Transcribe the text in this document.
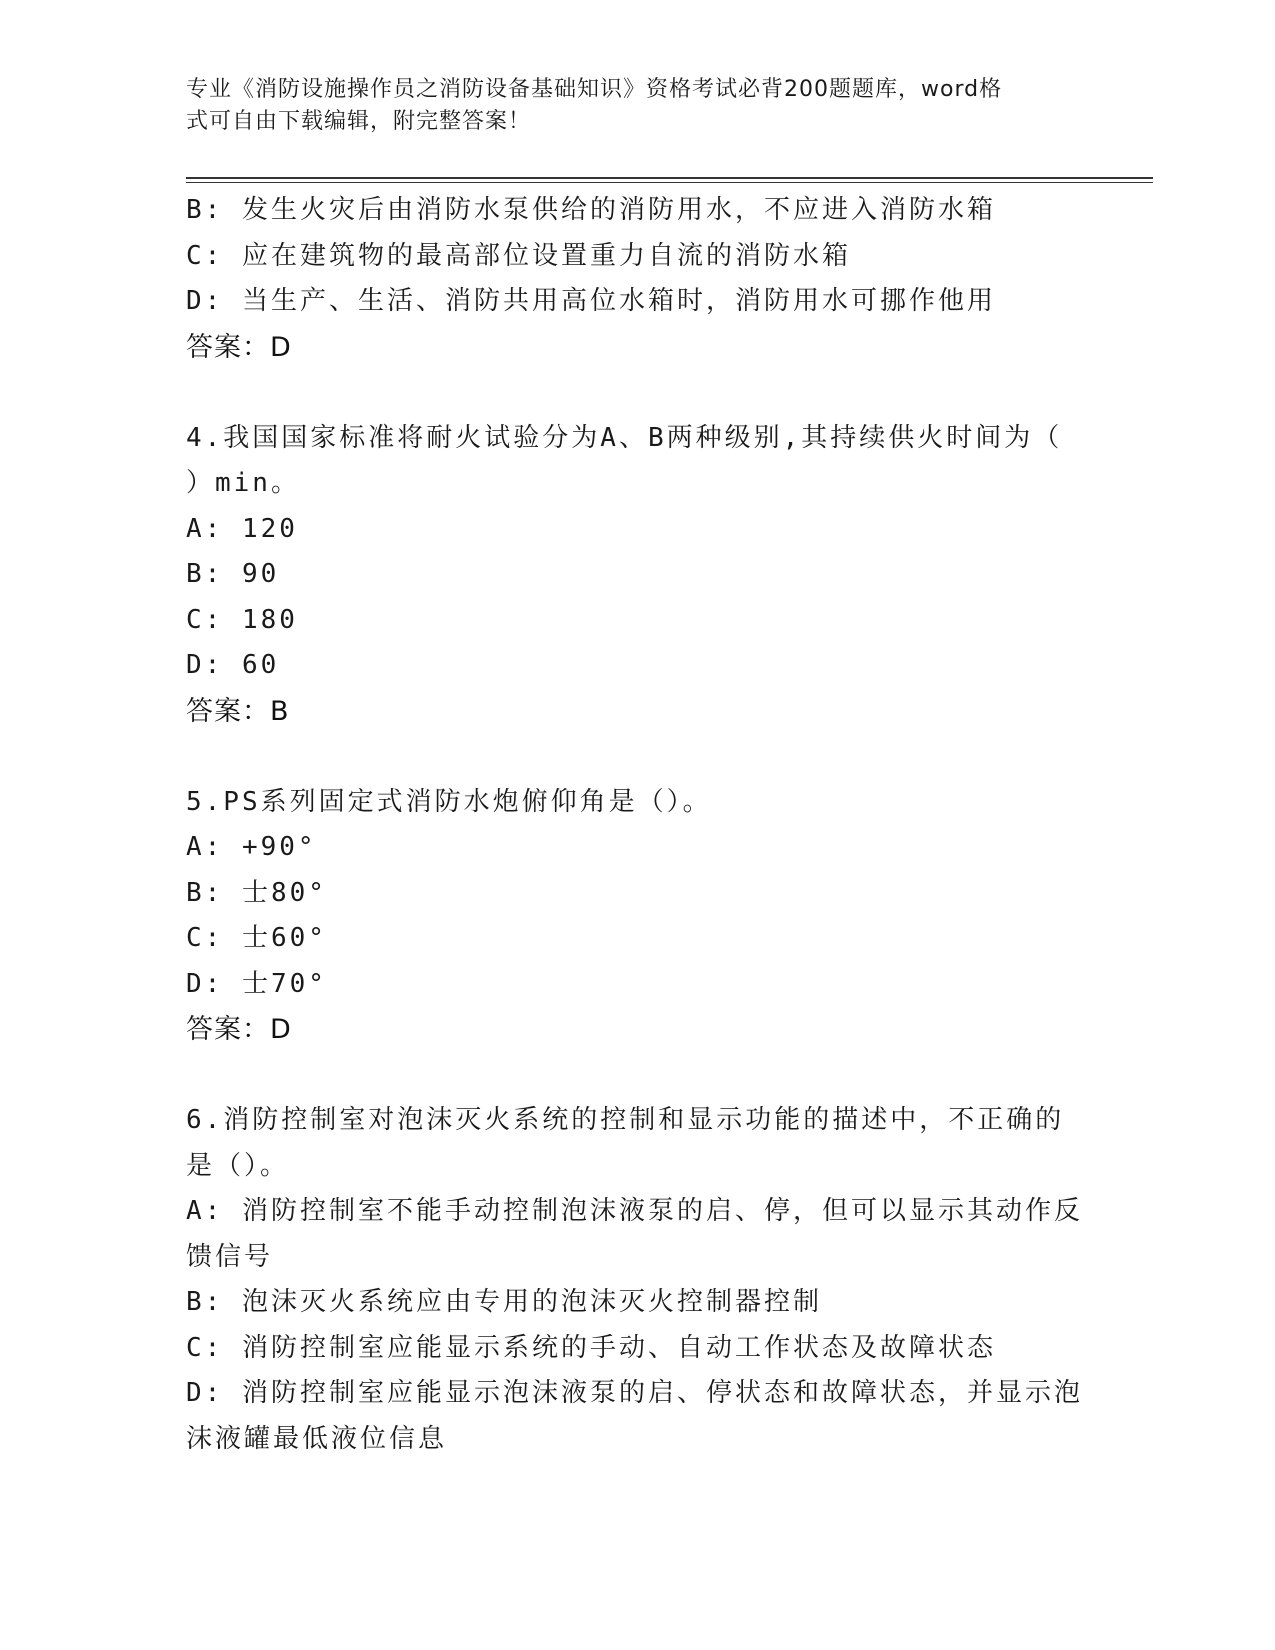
专业《消防设施操作员之消防设备基础知识》资格考试必背200题题库，word格
式可自由下载编辑，附完整答案！
B: 发生火灾后由消防水泵供给的消防用水，不应进入消防水箱
C: 应在建筑物的最高部位设置重力自流的消防水箱
D: 当生产、生活、消防共用高位水箱时，消防用水可挪作他用
答案：D
4.我国国家标准将耐火试验分为A、B两种级别,其持续供火时间为（
）min。
A: 120
B: 90
C: 180
D: 60
答案：B
5.PS系列固定式消防水炮俯仰角是（）。
A: +90°
B: 士80°
C: 士60°
D: 士70°
答案：D
6.消防控制室对泡沫灭火系统的控制和显示功能的描述中，不正确的
是（）。
A: 消防控制室不能手动控制泡沫液泵的启、停，但可以显示其动作反
馈信号
B: 泡沫灭火系统应由专用的泡沫灭火控制器控制
C: 消防控制室应能显示系统的手动、自动工作状态及故障状态
D: 消防控制室应能显示泡沫液泵的启、停状态和故障状态，并显示泡
沫液罐最低液位信息
